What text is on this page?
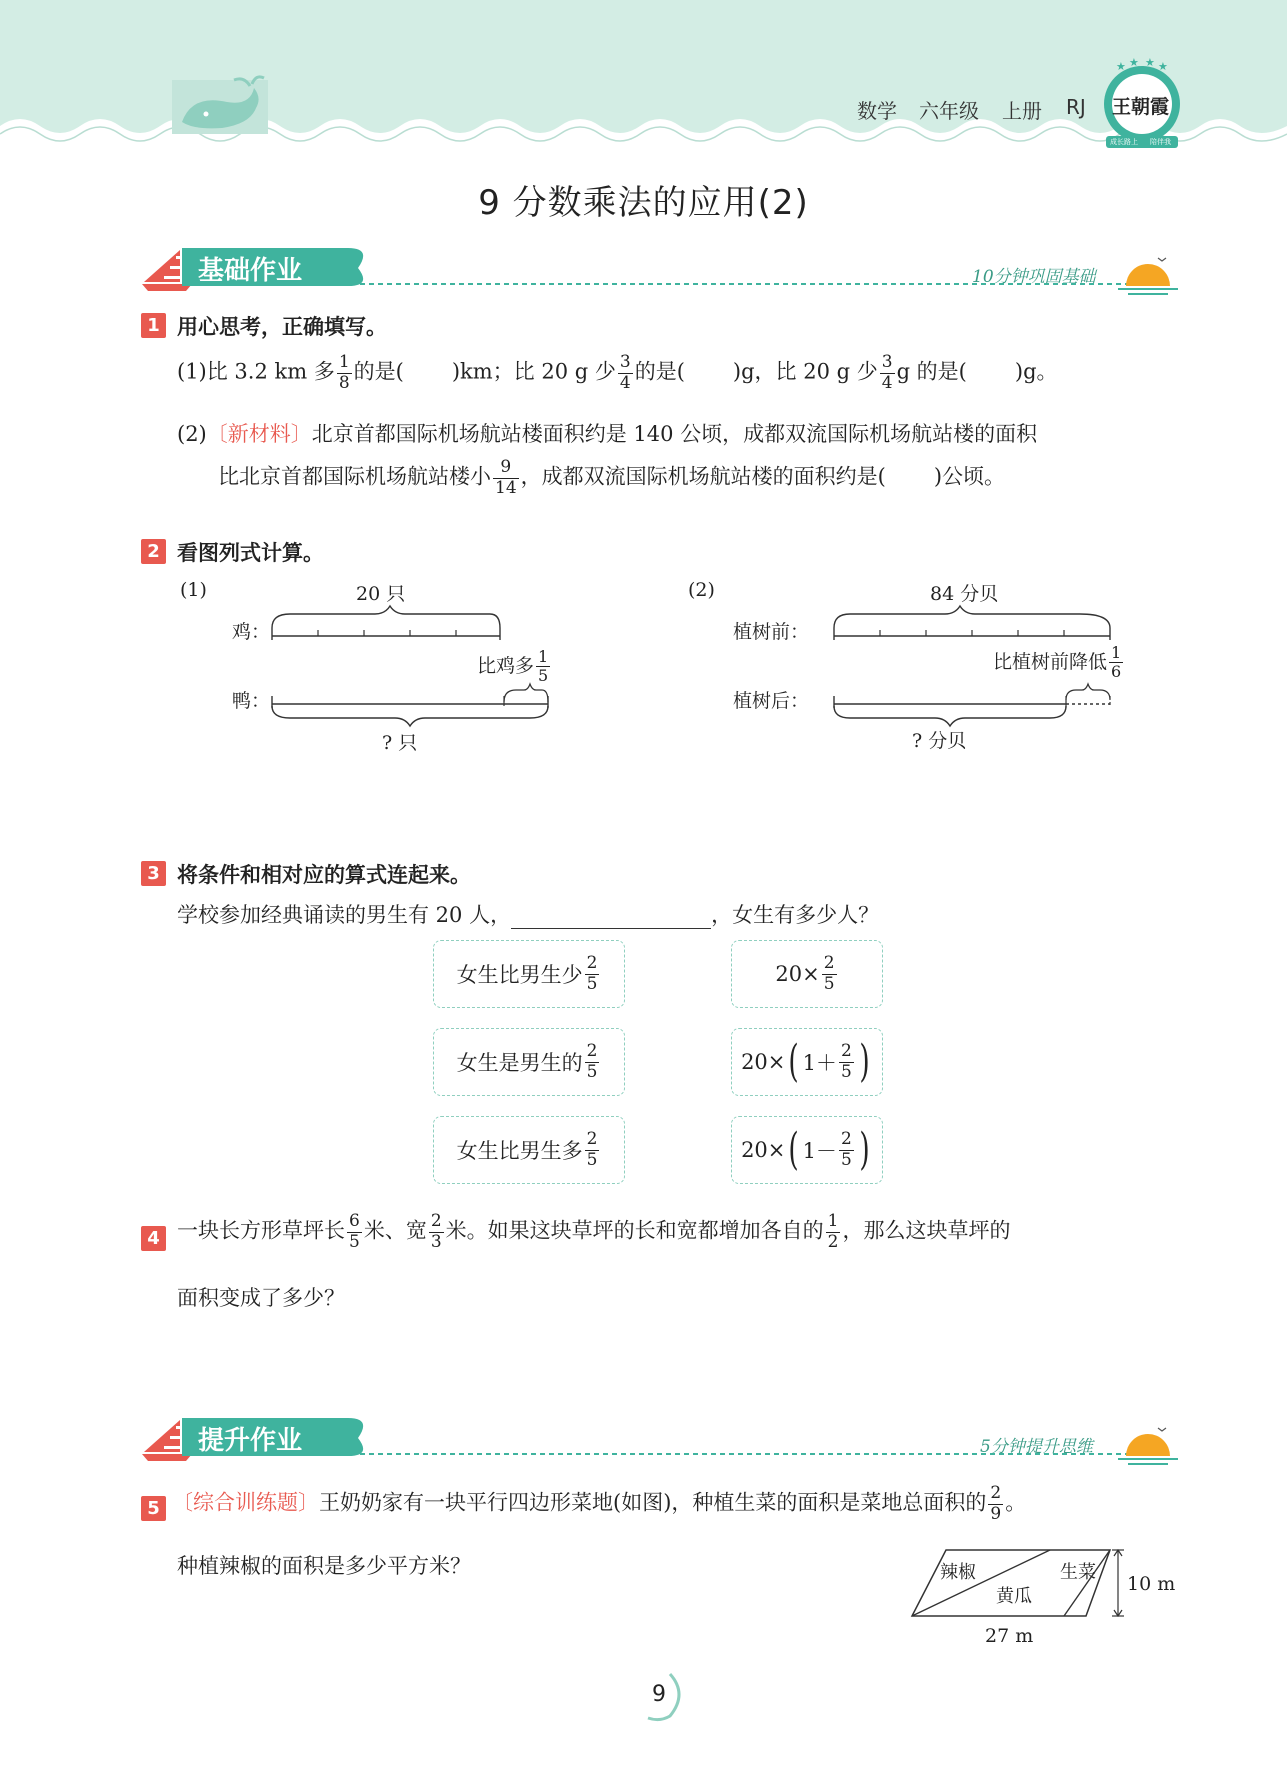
数学 六年级 上册 RJ
★ ★ ★ ★
王朝霞
成长路上 陪伴我
9 分数乘法的应用(2)
基础作业	10分钟巩固基础
1 用心思考，正确填写。
(1)比 3.2 km 多 $\frac{1}{8}$ 的是( )km；比 20 g 少 $\frac{3}{4}$ 的是( )g，比 20 g 少 $\frac{3}{4}$ g 的是( )g。
(2)〔新材料〕北京首都国际机场航站楼面积约是 140 公顷，成都双流国际机场航站楼的面积
比北京首都国际机场航站楼小 $\frac{9}{14}$ ，成都双流国际机场航站楼的面积约是( )公顷。
2 看图列式计算。
(1)	20 只
鸡：
鸭：
比鸡多 $\frac{1}{5}$
? 只
(2)	84 分贝
植树前：
植树后：
比植树前降低 $\frac{1}{6}$
? 分贝
3 将条件和相对应的算式连起来。
学校参加经典诵读的男生有 20 人，	，女生有多少人？
女生比男生少 $\frac{2}{5}$
女生是男生的 $\frac{2}{5}$
女生比男生多 $\frac{2}{5}$
$20\times \frac{2}{5}$
20× ( $1+ \frac{2}{5}$ )
20× ( $1- \frac{2}{5}$ )
4 一块长方形草坪长 $\frac{6}{5}$ 米、宽 $\frac{2}{3}$ 米。如果这块草坪的长和宽都增加各自的 $\frac{1}{2}$ ，那么这块草坪的
面积变成了多少？
提升作业	5分钟提升思维
5 〔综合训练题〕王奶奶家有一块平行四边形菜地(如图)，种植生菜的面积是菜地总面积的 $\frac{2}{9}$ 。
种植辣椒的面积是多少平方米？	辣椒
黄瓜
生菜
10 m
27 m
9
